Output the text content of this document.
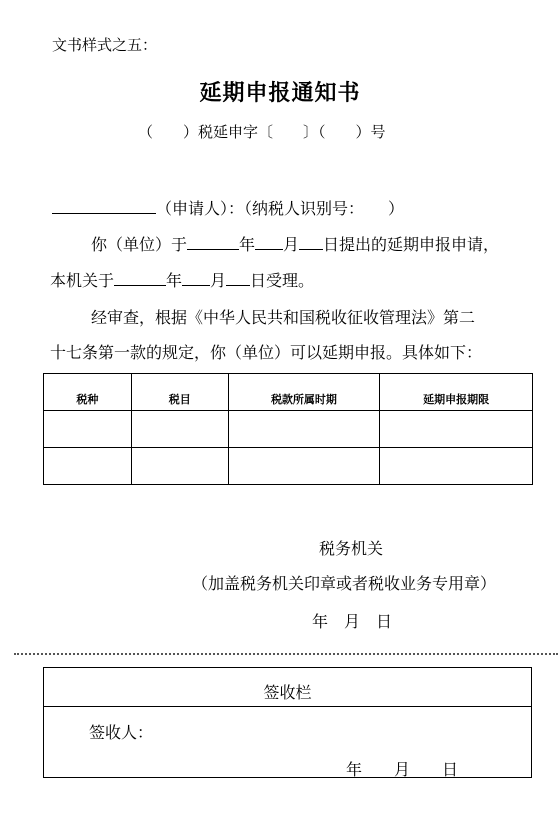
文书样式之五：
延期申报通知书
（　　）税延申字〔　　〕（　　）号
（申请人）：（纳税人识别号：　　）
你（单位）于	年 月 日提出的延期申报申请，
本机关于	年 月 日受理。
经审查，根据《中华人民共和国税收征收管理法》第二
十七条第一款的规定，你（单位）可以延期申报。具体如下：
税种	税目	税款所属时期	延期申报期限

税务机关
（加盖税务机关印章或者税收业务专用章）
年　月　日
签收栏
签收人：
年　　月　　日
